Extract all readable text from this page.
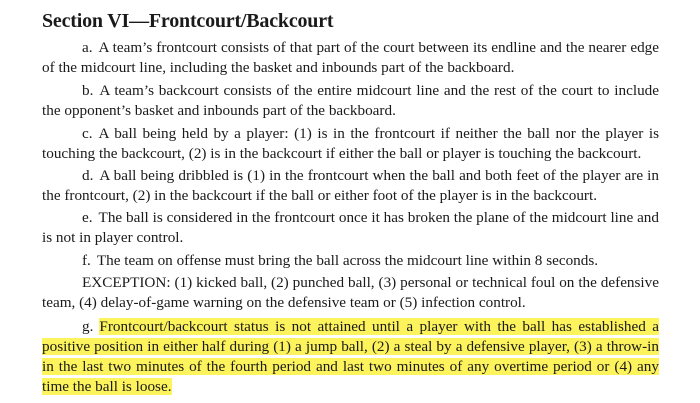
Section VI—Frontcourt/Backcourt

a. A team’s frontcourt consists of that part of the court between its endline and the nearer edge of the midcourt line, including the basket and inbounds part of the backboard.

b. A team’s backcourt consists of the entire midcourt line and the rest of the court to include the opponent’s basket and inbounds part of the backboard.

c. A ball being held by a player: (1) is in the frontcourt if neither the ball nor the player is touching the backcourt, (2) is in the backcourt if either the ball or player is touching the backcourt.

d. A ball being dribbled is (1) in the frontcourt when the ball and both feet of the player are in the frontcourt, (2) in the backcourt if the ball or either foot of the player is in the backcourt.

e. The ball is considered in the frontcourt once it has broken the plane of the midcourt line and is not in player control.

f. The team on offense must bring the ball across the midcourt line within 8 seconds.

EXCEPTION: (1) kicked ball, (2) punched ball, (3) personal or technical foul on the defensive team, (4) delay-of-game warning on the defensive team or (5) infection control.

g. Frontcourt/backcourt status is not attained until a player with the ball has established a positive position in either half during (1) a jump ball, (2) a steal by a defensive player, (3) a throw-in in the last two minutes of the fourth period and last two minutes of any overtime period or (4) any time the ball is loose.
